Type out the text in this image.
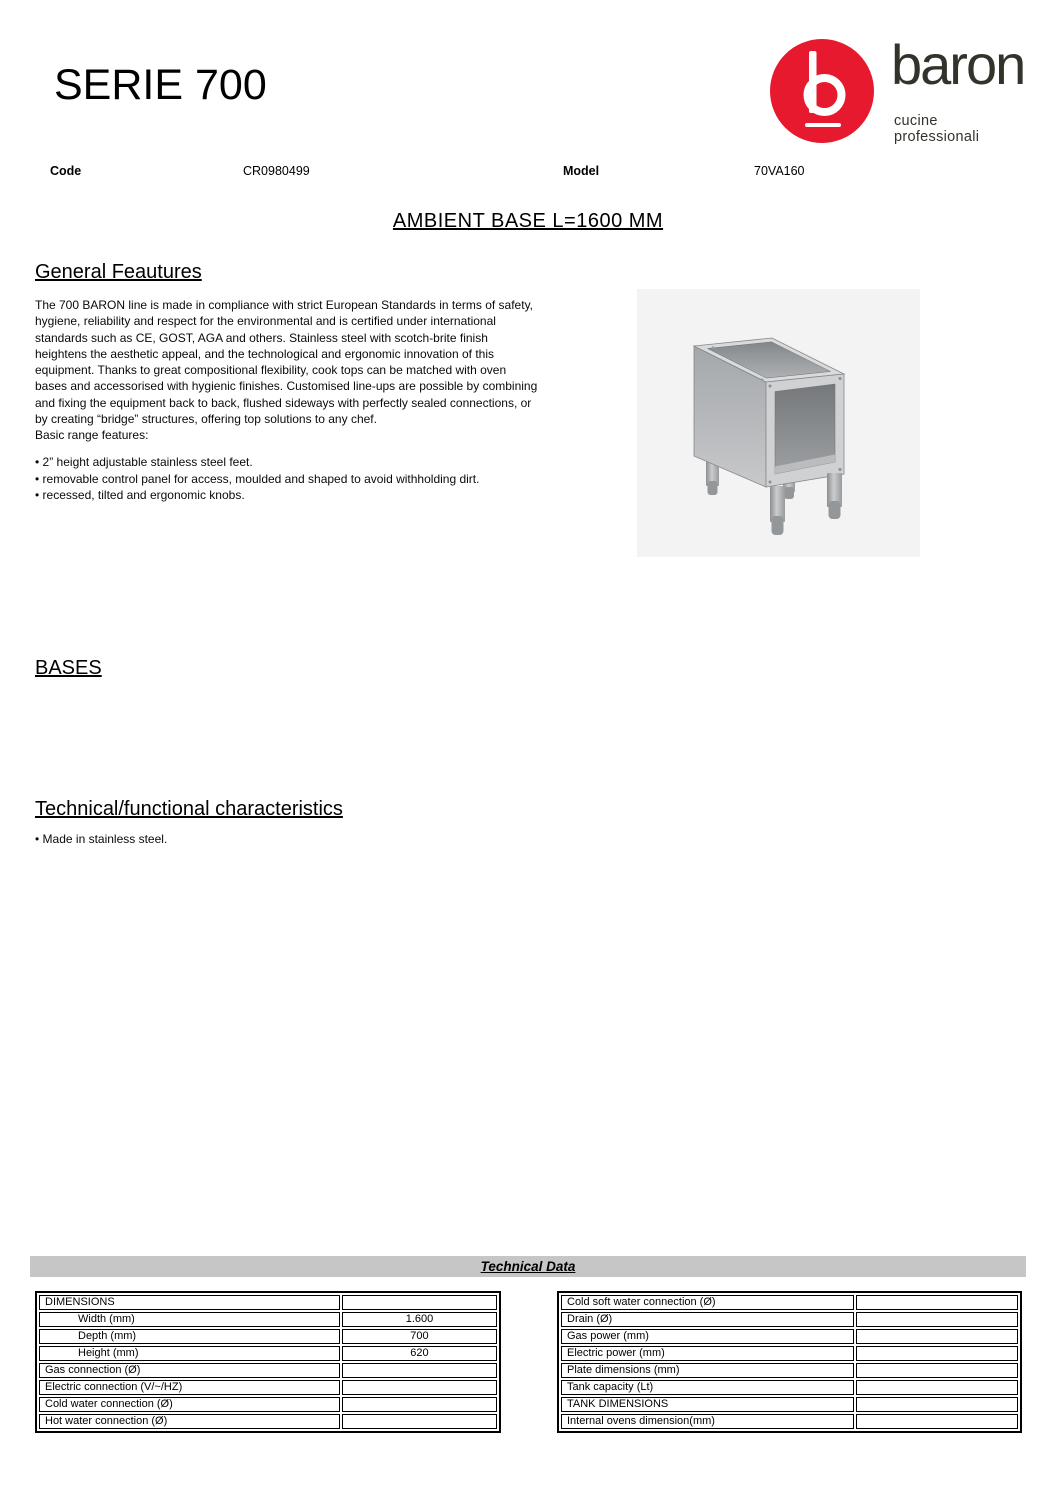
SERIE 700	baron
cucine professionali
Code	CR0980499	Model	70VA160
AMBIENT BASE L=1600 MM
General Feautures
The 700 BARON line is made in compliance with strict European Standards in terms of safety,
hygiene, reliability and respect for the environmental and is certified under international
standards such as CE, GOST, AGA and others. Stainless steel with scotch-brite finish
heightens the aesthetic appeal, and the technological and ergonomic innovation of this
equipment. Thanks to great compositional flexibility, cook tops can be matched with oven
bases and accessorised with hygienic finishes. Customised line-ups are possible by combining
and fixing the equipment back to back, flushed sideways with perfectly sealed connections, or
by creating “bridge” structures, offering top solutions to any chef.
Basic range features:
• 2” height adjustable stainless steel feet.
• removable control panel for access, moulded and shaped to avoid withholding dirt.
• recessed, tilted and ergonomic knobs.
BASES
Technical/functional characteristics
• Made in stainless steel.
Technical Data
DIMENSIONS	
Width (mm)	1.600
Depth (mm)	700
Height (mm)	620
Gas connection (Ø)	
Electric connection (V/~/HZ)	
Cold water connection (Ø)	
Hot water connection (Ø)	
Cold soft water connection (Ø)	
Drain (Ø)	
Gas power (mm)	
Electric power (mm)	
Plate dimensions (mm)	
Tank capacity (Lt)	
TANK DIMENSIONS	
Internal ovens dimension(mm)	
